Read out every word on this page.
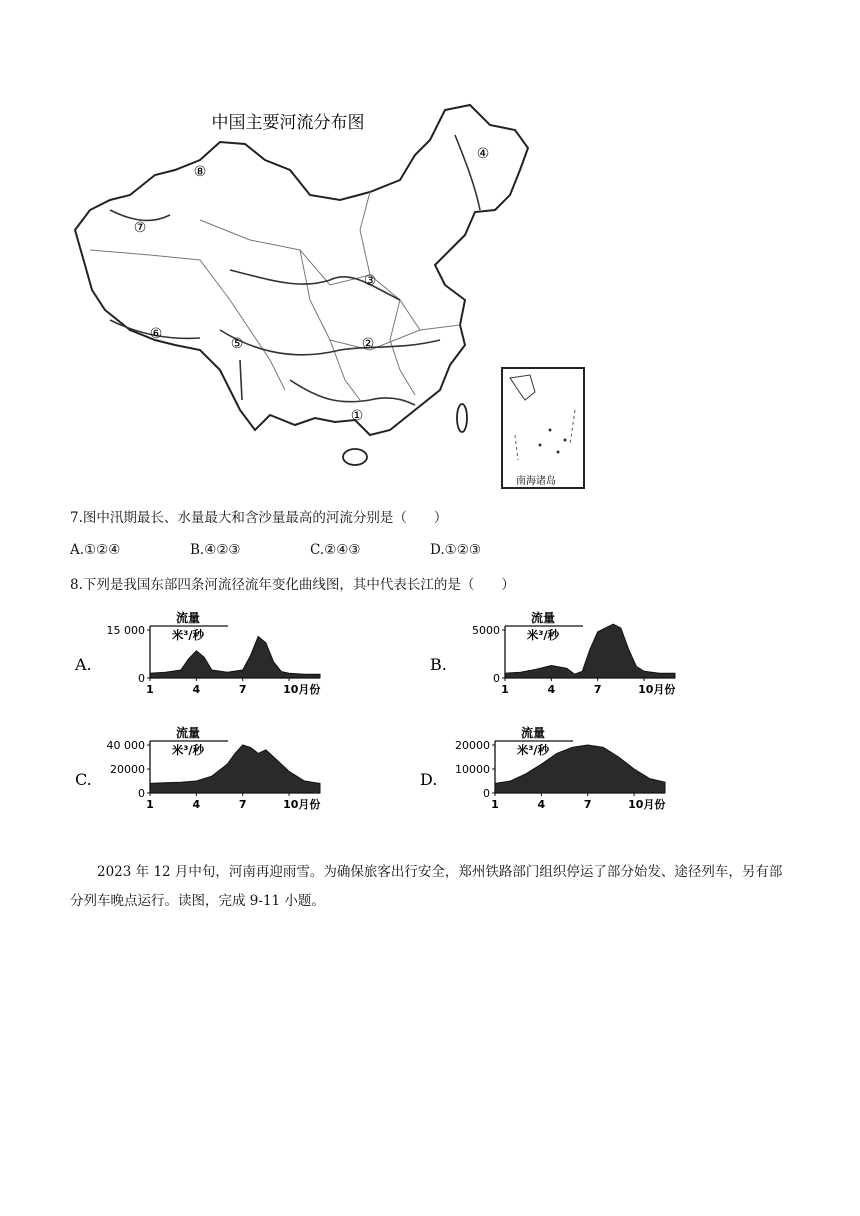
南海诸岛
中国主要河流分布图
①
②
③
④
⑤
⑥
⑦
⑧
7.图中汛期最长、水量最大和含沙量最高的河流分别是（　　）
A.①②④	B.④②③	C.②④③	D.①②③
8.下列是我国东部四条河流径流年变化曲线图，其中代表长江的是（　　）
A.
流量
米³/秒
15 000
0
1	4	7	10月份
B.
流量
米³/秒
5000
0
1	4	7	10月份
C.
流量
米³/秒
40 000
20000
0
1	4	7	10月份
D.
流量
米³/秒
20000
10000
0
1	4	7	10月份
2023 年 12 月中旬，河南再迎雨雪。为确保旅客出行安全，郑州铁路部门组织停运了部分始发、途径列车，另有部分列车晚点运行。读图，完成 9-11 小题。
